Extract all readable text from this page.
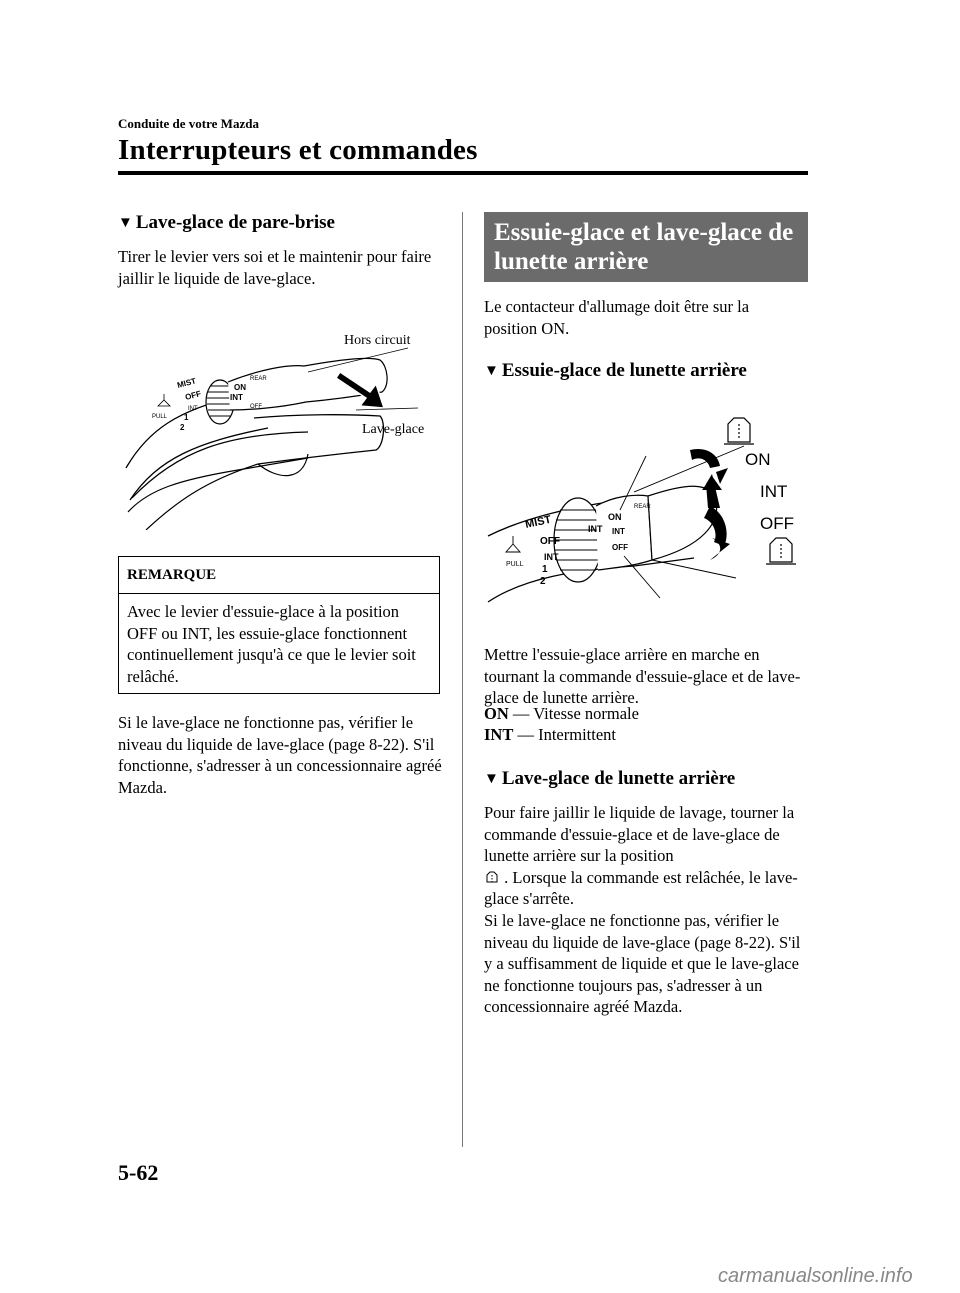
Conduite de votre Mazda
Interrupteurs et commandes
▼ Lave-glace de pare-brise
Tirer le levier vers soi et le maintenir pour faire jaillir le liquide de lave-glace.
MIST
OFF
INT
1
2
PULL
ON
INT
REAR
OFF
Hors circuit
Lave-glace
REMARQUE
Avec le levier d'essuie-glace à la position OFF ou INT, les essuie-glace fonctionnent continuellement jusqu'à ce que le levier soit relâché.
Si le lave-glace ne fonctionne pas, vérifier le niveau du liquide de lave-glace (page 8-22). S'il fonctionne, s'adresser à un concessionnaire agréé Mazda.
Essuie-glace et lave-glace de lunette arrière
Le contacteur d'allumage doit être sur la position ON.
▼ Essuie-glace de lunette arrière
MIST
OFF
INT
1
2
PULL
INT
ON
INT
OFF
REAR
ON
INT
OFF
Mettre l'essuie-glace arrière en marche en tournant la commande d'essuie-glace et de lave-glace de lunette arrière.
ON — Vitesse normale
INT — Intermittent
▼ Lave-glace de lunette arrière
Pour faire jaillir le liquide de lavage, tourner la commande d'essuie-glace et de lave-glace de lunette arrière sur la position
. Lorsque la commande est relâchée, le lave-glace s'arrête.
Si le lave-glace ne fonctionne pas, vérifier le niveau du liquide de lave-glace (page 8-22). S'il y a suffisamment de liquide et que le lave-glace ne fonctionne toujours pas, s'adresser à un concessionnaire agréé Mazda.
5-62
carmanualsonline.info
